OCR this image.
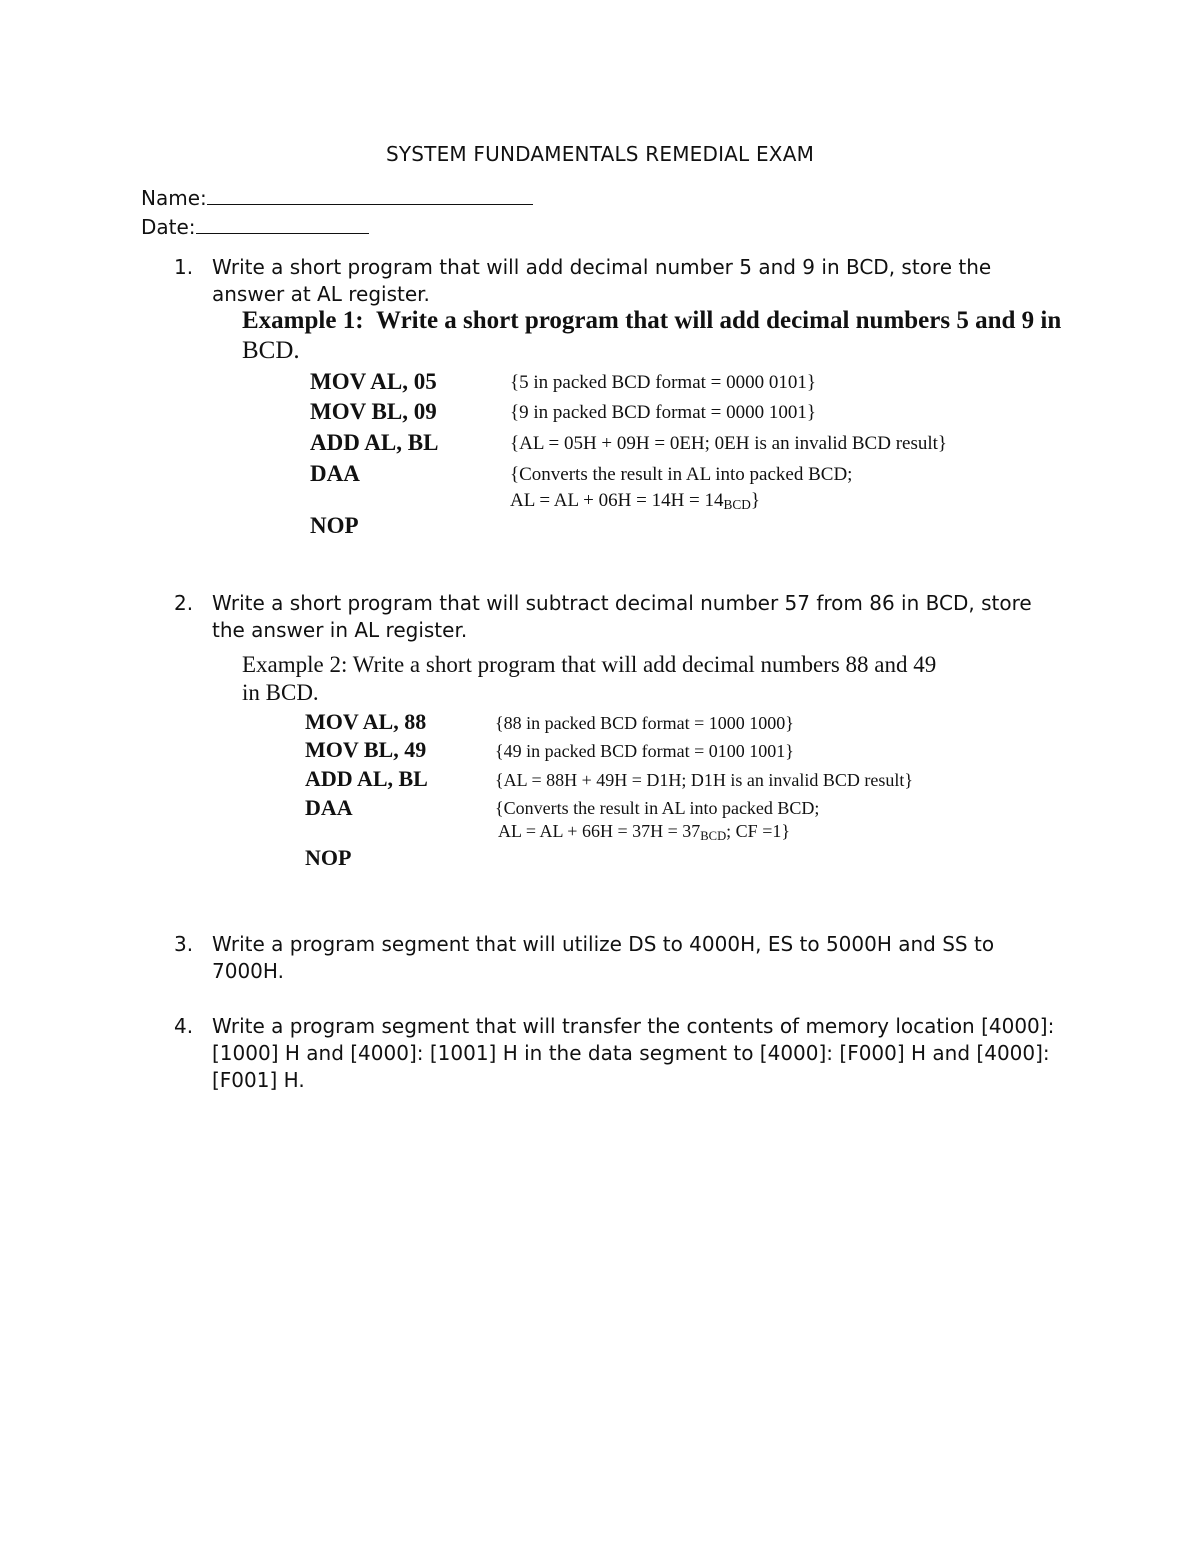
SYSTEM FUNDAMENTALS REMEDIAL EXAM
Name:
Date:
1. Write a short program that will add decimal number 5 and 9 in BCD, store the answer at AL register.
Example 1: Write a short program that will add decimal numbers 5 and 9 in
BCD.
MOV AL, 05	{5 in packed BCD format = 0000 0101}
MOV BL, 09	{9 in packed BCD format = 0000 1001}
ADD AL, BL	{AL = 05H + 09H = 0EH; 0EH is an invalid BCD result}
DAA	{Converts the result in AL into packed BCD;
AL = AL + $06H = 14H = 14_{BCD}$}
NOP
2. Write a short program that will subtract decimal number 57 from 86 in BCD, store the answer in AL register.
Example 2: Write a short program that will add decimal numbers 88 and 49
in BCD.
MOV AL, 88	{88 in packed BCD format = 1000 1000}
MOV BL, 49	{49 in packed BCD format = 0100 1001}
ADD AL, BL	{AL = 88H + 49H = D1H; D1H is an invalid BCD result}
DAA	{Converts the result in AL into packed BCD;
AL = AL + $66H = 37H = 37_{BCD}$; CF =1}
NOP
3. Write a program segment that will utilize DS to 4000H, ES to 5000H and SS to 7000H.
4. Write a program segment that will transfer the contents of memory location [4000]: [1000] H and [4000]: [1001] H in the data segment to [4000]: [F000] H and [4000]: [F001] H.
